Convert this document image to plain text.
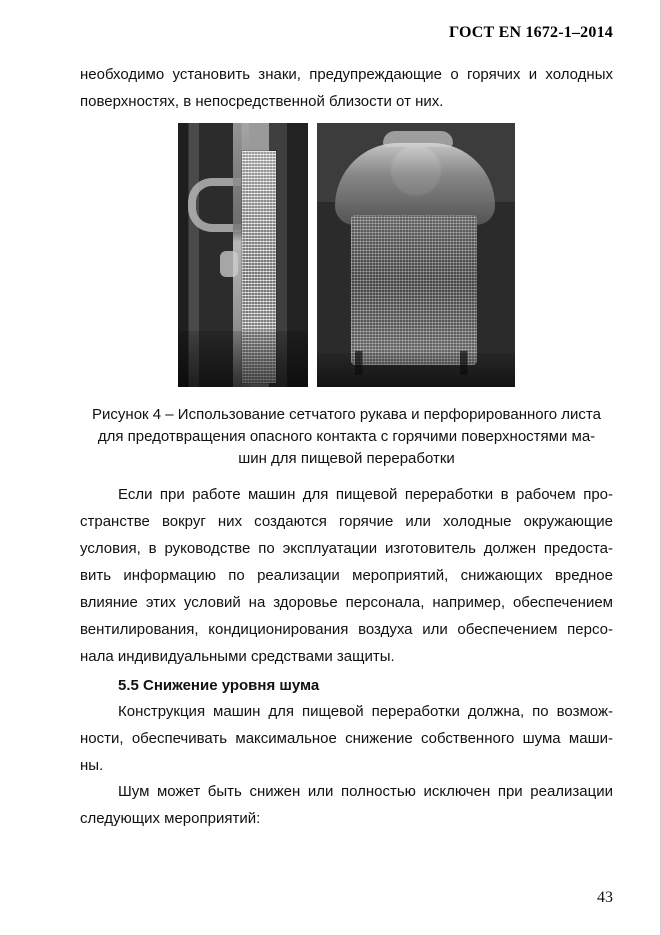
ГОСТ EN 1672-1–2014
необходимо установить знаки, предупреждающие о горячих и холодных
поверхностях, в непосредственной близости от них.
Рисунок 4 – Использование сетчатого рукава и перфорированного листа
для предотвращения опасного контакта с горячими поверхностями ма-
шин для пищевой переработки
Если при работе машин для пищевой переработки в рабочем про-
странстве вокруг них создаются горячие или холодные окружающие
условия, в руководстве по эксплуатации изготовитель должен предоста-
вить информацию по реализации мероприятий, снижающих вредное
влияние этих условий на здоровье персонала, например, обеспечением
вентилирования, кондиционирования воздуха или обеспечением персо-
нала индивидуальными средствами защиты.
5.5 Снижение уровня шума
Конструкция машин для пищевой переработки должна, по возмож-
ности, обеспечивать максимальное снижение собственного шума маши-
ны.
Шум может быть снижен или полностью исключен при реализации
следующих мероприятий:
43
